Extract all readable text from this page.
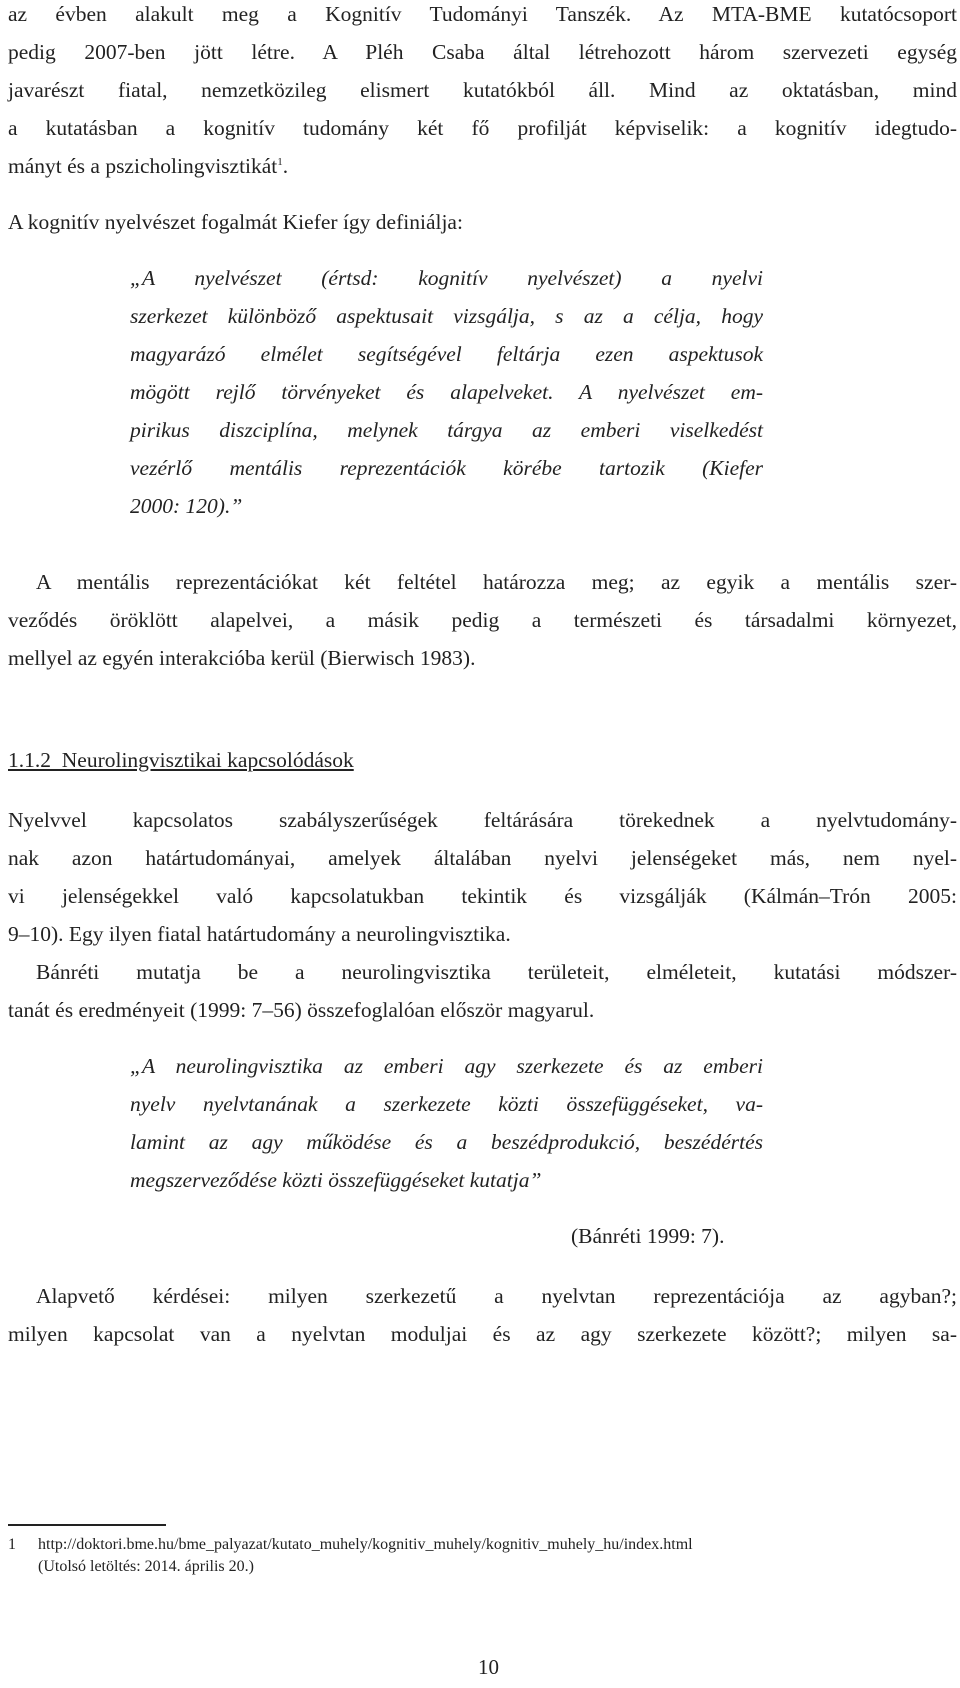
az évben alakult meg a Kognitív Tudományi Tanszék. Az MTA-BME kutatócsoport
pedig 2007-ben jött létre. A Pléh Csaba által létrehozott három szervezeti egység
javarészt fiatal, nemzetközileg elismert kutatókból áll. Mind az oktatásban, mind
a kutatásban a kognitív tudomány két fő profilját képviselik: a kognitív idegtudo-
mányt és a pszicholingvisztikát$^1$.
A kognitív nyelvészet fogalmát Kiefer így definiálja:
„A nyelvészet (értsd: kognitív nyelvészet) a nyelvi
szerkezet különböző aspektusait vizsgálja, s az a célja, hogy
magyarázó elmélet segítségével feltárja ezen aspektusok
mögött rejlő törvényeket és alapelveket. A nyelvészet em-
pirikus diszciplína, melynek tárgya az emberi viselkedést
vezérlő mentális reprezentációk körébe tartozik (Kiefer
2000: 120).”
A mentális reprezentációkat két feltétel határozza meg; az egyik a mentális szer-
veződés öröklött alapelvei, a másik pedig a természeti és társadalmi környezet,
mellyel az egyén interakcióba kerül (Bierwisch 1983).
1.1.2  Neurolingvisztikai kapcsolódások
Nyelvvel kapcsolatos szabályszerűségek feltárására törekednek a nyelvtudomány-
nak azon határtudományai, amelyek általában nyelvi jelenségeket más, nem nyel-
vi jelenségekkel való kapcsolatukban tekintik és vizsgálják (Kálmán–Trón 2005:
9–10). Egy ilyen fiatal határtudomány a neurolingvisztika.
Bánréti mutatja be a neurolingvisztika területeit, elméleteit, kutatási módszer-
tanát és eredményeit (1999: 7–56) összefoglalóan először magyarul.
„A neurolingvisztika az emberi agy szerkezete és az emberi
nyelv nyelvtanának a szerkezete közti összefüggéseket, va-
lamint az agy működése és a beszédprodukció, beszédértés
megszerveződése közti összefüggéseket kutatja”
(Bánréti 1999: 7).
Alapvető kérdései: milyen szerkezetű a nyelvtan reprezentációja az agyban?;
milyen kapcsolat van a nyelvtan moduljai és az agy szerkezete között?; milyen sa-
1 http://doktori.bme.hu/bme_palyazat/kutato_muhely/kognitiv_muhely/kognitiv_muhely_hu/index.html
(Utolsó letöltés: 2014. április 20.)
10
